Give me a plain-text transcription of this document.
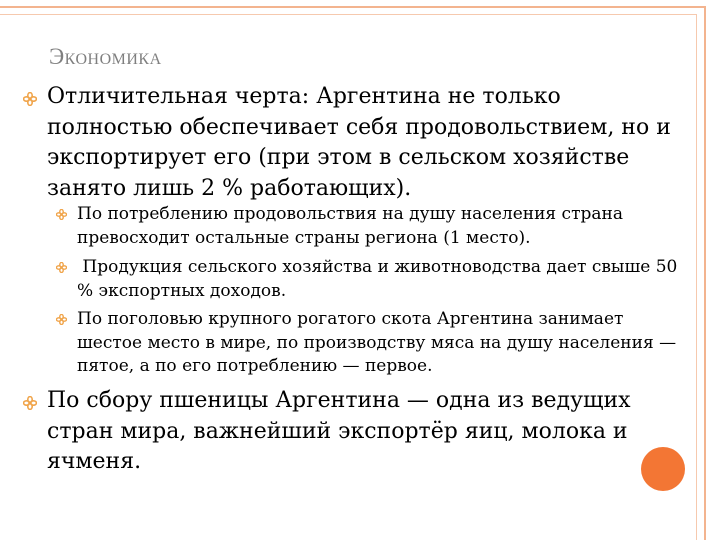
Экономика
Отличительная черта: Аргентина не только полностью обеспечивает себя продовольствием, но и экспортирует его (при этом в сельском хозяйстве занято лишь 2 % работающих).
По потреблению продовольствия на душу населения страна превосходит остальные страны региона (1 место).
Продукция сельского хозяйства и животноводства дает свыше 50 % экспортных доходов.
По поголовью крупного рогатого скота Аргентина занимает шестое место в мире, по производству мяса на душу населения — пятое, а по его потреблению — первое.
По сбору пшеницы Аргентина — одна из ведущих стран мира, важнейший экспортёр яиц, молока и ячменя.
